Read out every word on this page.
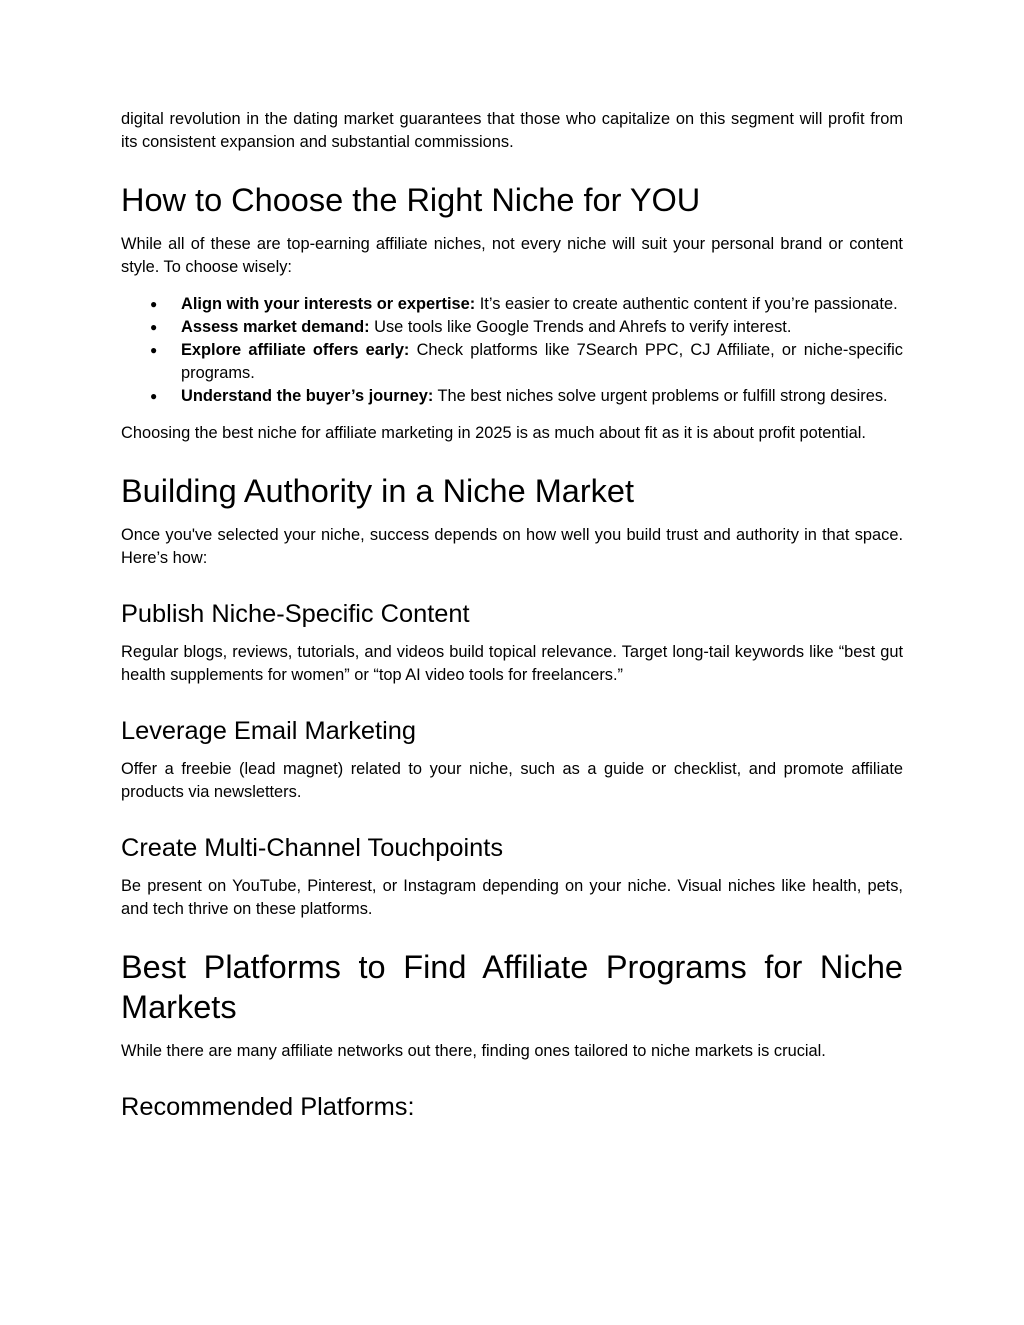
digital revolution in the dating market guarantees that those who capitalize on this segment will profit from its consistent expansion and substantial commissions.

How to Choose the Right Niche for YOU

While all of these are top-earning affiliate niches, not every niche will suit your personal brand or content style. To choose wisely:

● Align with your interests or expertise: It’s easier to create authentic content if you’re passionate.
● Assess market demand: Use tools like Google Trends and Ahrefs to verify interest.
● Explore affiliate offers early: Check platforms like 7Search PPC, CJ Affiliate, or niche-specific programs.
● Understand the buyer’s journey: The best niches solve urgent problems or fulfill strong desires.

Choosing the best niche for affiliate marketing in 2025 is as much about fit as it is about profit potential.

Building Authority in a Niche Market

Once you've selected your niche, success depends on how well you build trust and authority in that space. Here’s how:

Publish Niche-Specific Content

Regular blogs, reviews, tutorials, and videos build topical relevance. Target long-tail keywords like “best gut health supplements for women” or “top AI video tools for freelancers.”

Leverage Email Marketing

Offer a freebie (lead magnet) related to your niche, such as a guide or checklist, and promote affiliate products via newsletters.

Create Multi-Channel Touchpoints

Be present on YouTube, Pinterest, or Instagram depending on your niche. Visual niches like health, pets, and tech thrive on these platforms.

Best Platforms to Find Affiliate Programs for Niche Markets

While there are many affiliate networks out there, finding ones tailored to niche markets is crucial.

Recommended Platforms:
